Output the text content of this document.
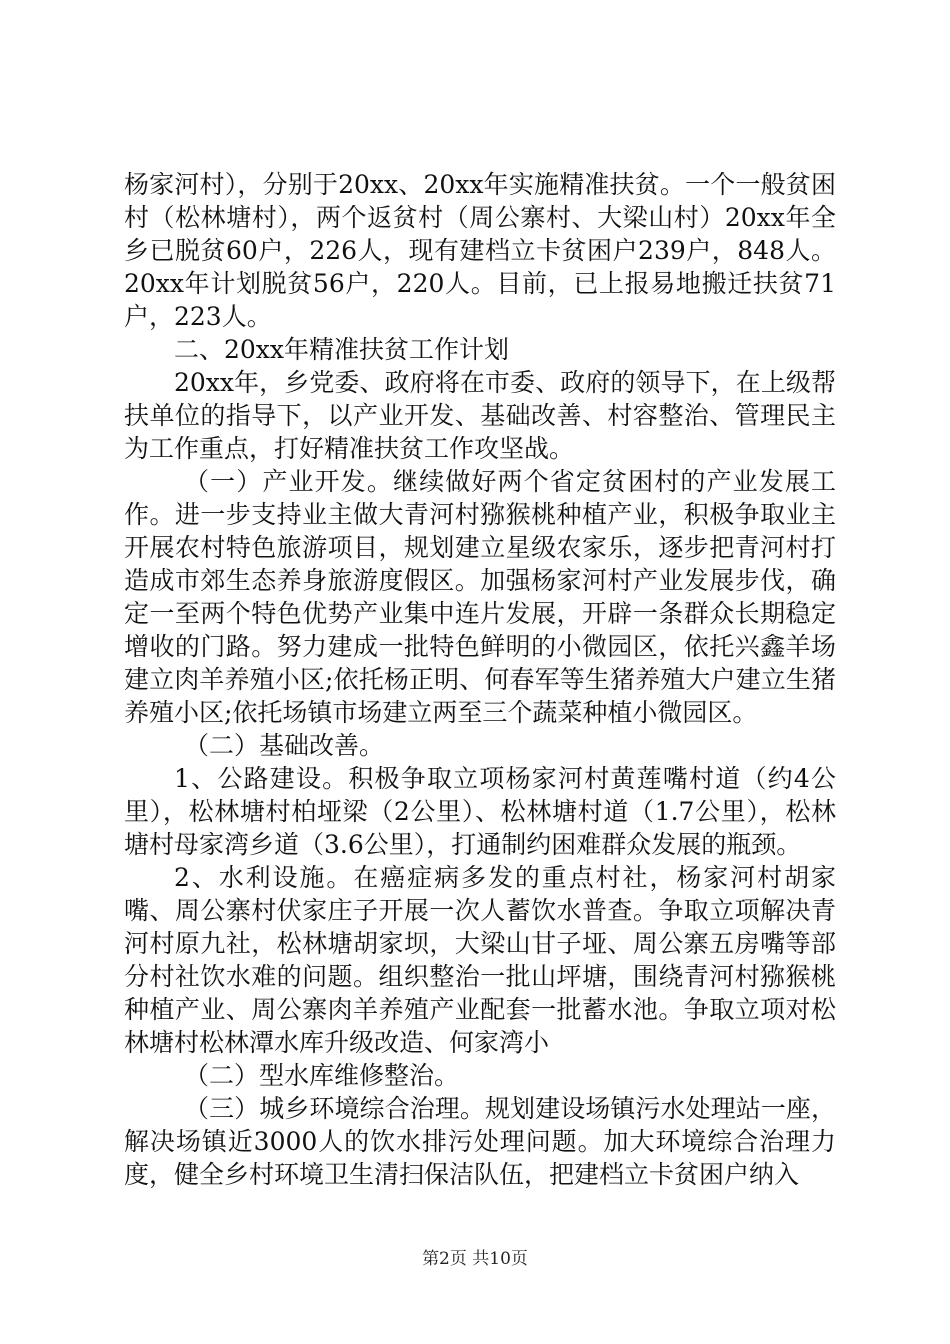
杨家河村），分别于20xx、20xx年实施精准扶贫。一个一般贫困村（松林塘村），两个返贫村（周公寨村、大梁山村）20xx年全乡已脱贫60户，226人，现有建档立卡贫困户239户，848人。20xx年计划脱贫56户，220人。目前，已上报易地搬迁扶贫71户，223人。

二、20xx年精准扶贫工作计划

20xx年，乡党委、政府将在市委、政府的领导下，在上级帮扶单位的指导下，以产业开发、基础改善、村容整治、管理民主为工作重点，打好精准扶贫工作攻坚战。

（一）产业开发。继续做好两个省定贫困村的产业发展工作。进一步支持业主做大青河村猕猴桃种植产业，积极争取业主开展农村特色旅游项目，规划建立星级农家乐，逐步把青河村打造成市郊生态养身旅游度假区。加强杨家河村产业发展步伐，确定一至两个特色优势产业集中连片发展，开辟一条群众长期稳定增收的门路。努力建成一批特色鲜明的小微园区，依托兴鑫羊场建立肉羊养殖小区;依托杨正明、何春军等生猪养殖大户建立生猪养殖小区;依托场镇市场建立两至三个蔬菜种植小微园区。

（二）基础改善。

1、公路建设。积极争取立项杨家河村黄莲嘴村道（约4公里），松林塘村柏垭梁（2公里）、松林塘村道（1.7公里），松林塘村母家湾乡道（3.6公里），打通制约困难群众发展的瓶颈。

2、水利设施。在癌症病多发的重点村社，杨家河村胡家嘴、周公寨村伏家庄子开展一次人蓄饮水普查。争取立项解决青河村原九社，松林塘胡家坝，大梁山甘子垭、周公寨五房嘴等部分村社饮水难的问题。组织整治一批山坪塘，围绕青河村猕猴桃种植产业、周公寨肉羊养殖产业配套一批蓄水池。争取立项对松林塘村松林潭水库升级改造、何家湾小

（二）型水库维修整治。

（三）城乡环境综合治理。规划建设场镇污水处理站一座，解决场镇近3000人的饮水排污处理问题。加大环境综合治理力度，健全乡村环境卫生清扫保洁队伍，把建档立卡贫困户纳入

第2页 共10页
